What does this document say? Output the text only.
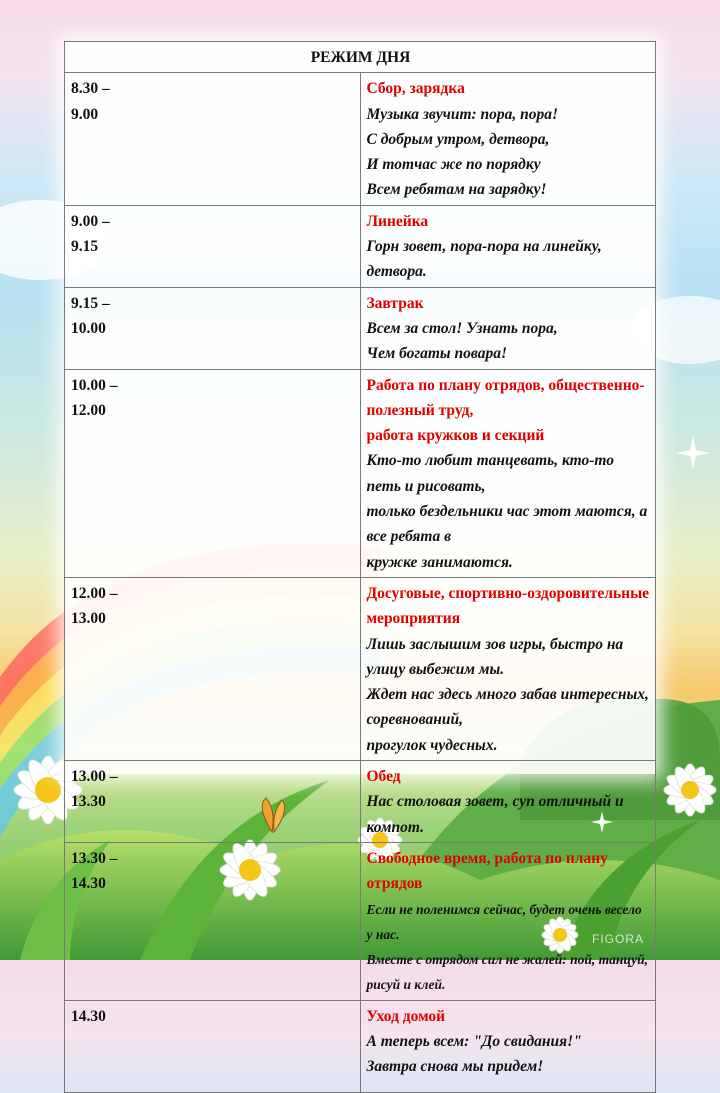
РЕЖИМ ДНЯ	

8.30 –
9.00	Сбор, зарядка
Музыка звучит: пора, пора!
С добрым утром, детвора,
И тотчас же по порядку
Всем ребятам на зарядку!

9.00 –
9.15	Линейка
Горн зовет, пора-пора на линейку, детвора.

9.15 –
10.00	Завтрак
Всем за стол! Узнать пора,
Чем богаты повара!

10.00 –
12.00	Работа по плану отрядов, общественно-полезный труд,
работа кружков и секций
Кто-то любит танцевать, кто-то петь и рисовать,
только бездельники час этот маются, а все ребята в
кружке занимаются.

12.00 –
13.00	Досуговые, спортивно-оздоровительные мероприятия
Лишь заслышим зов игры, быстро на улицу выбежим мы.
Ждет нас здесь много забав интересных, соревнований,
прогулок чудесных.

13.00 –
13.30	Обед
Нас столовая зовет, суп отличный и компот.

13.30 –
14.30	Свободное время, работа по плану отрядов
Если не поленимся сейчас, будет очень весело у нас.
Вместе с отрядом сил не жалей: пой, танцуй, рисуй и клей.

14.30	Уход домой
А теперь всем: "До свидания!"
Завтра снова мы придем!
FIGORA
